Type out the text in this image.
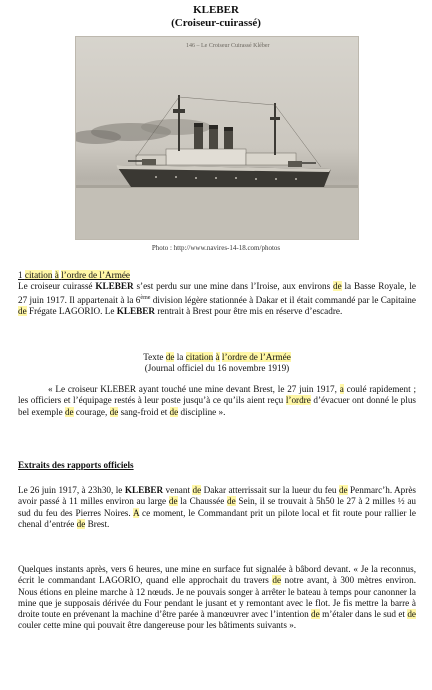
KLEBER
(Croiseur-cuirassé)
146 – Le Croiseur Cuirassé Kléber
Photo : http://www.navires-14-18.com/photos
1 citation à l’ordre de l’Armée
Le croiseur cuirassé KLEBER s’est perdu sur une mine dans l’Iroise, aux environs de la Basse Royale, le 27 juin 1917. Il appartenait à la 6ème division légère stationnée à Dakar et il était commandé par le Capitaine de Frégate LAGORIO. Le KLEBER rentrait à Brest pour être mis en réserve d’escadre.
Texte de la citation à l’ordre de l’Armée
(Journal officiel du 16 novembre 1919)
« Le croiseur KLEBER ayant touché une mine devant Brest, le 27 juin 1917, a coulé rapidement ; les officiers et l’équipage restés à leur poste jusqu’à ce qu’ils aient reçu l’ordre d’évacuer ont donné le plus bel exemple de courage, de sang-froid et de discipline ».
Extraits des rapports officiels
Le 26 juin 1917, à 23h30, le KLEBER venant de Dakar atterrissait sur la lueur du feu de Penmarc’h. Après avoir passé à 11 milles environ au large de la Chaussée de Sein, il se trouvait à 5h50 le 27 à 2 milles ½ au sud du feu des Pierres Noires. A ce moment, le Commandant prit un pilote local et fit route pour rallier le chenal d’entrée de Brest.
Quelques instants après, vers 6 heures, une mine en surface fut signalée à bâbord devant. « Je la reconnus, écrit le commandant LAGORIO, quand elle approchait du travers de notre avant, à 300 mètres environ. Nous étions en pleine marche à 12 nœuds. Je ne pouvais songer à arrêter le bateau à temps pour canonner la mine que je supposais dérivée du Four pendant le jusant et y remontant avec le flot. Je fis mettre la barre à droite toute en prévenant la machine d’être parée à manœuvrer avec l’intention de m’étaler dans le sud et de couler cette mine qui pouvait être dangereuse pour les bâtiments suivants ».
